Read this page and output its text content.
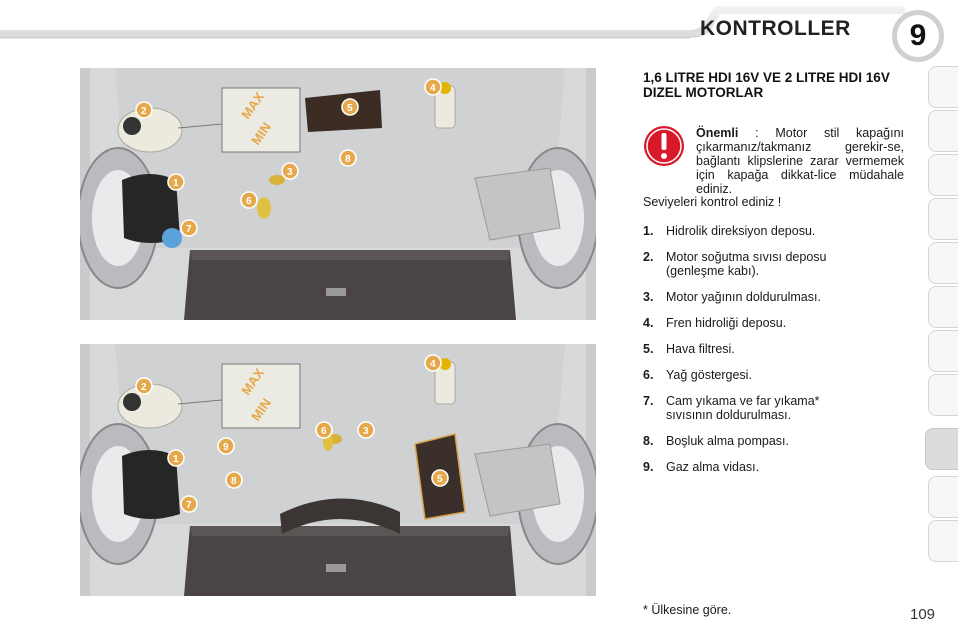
KONTROLLER	9
MAX
MIN
1
2
3
4
5
6
7
8
MAX
MIN
1
2
3
4
5
6
7
8
9
1,6 LITRE HDI 16V VE 2 LITRE HDI 16V DIZEL MOTORLAR
Önemli : Motor stil kapağını çıkarmanız/takmanız gerekir-se, bağlantı klipslerine zarar vermemek için kapağa dikkat-lice müdahale ediniz.
Seviyeleri kontrol ediniz !
1. Hidrolik direksiyon deposu.
2. Motor soğutma sıvısı deposu (genleşme kabı).
3. Motor yağının doldurulması.
4. Fren hidroliği deposu.
5. Hava filtresi.
6. Yağ göstergesi.
7. Cam yıkama ve far yıkama* sıvısının doldurulması.
8. Boşluk alma pompası.
9. Gaz alma vidası.
* Ülkesine göre.	109
